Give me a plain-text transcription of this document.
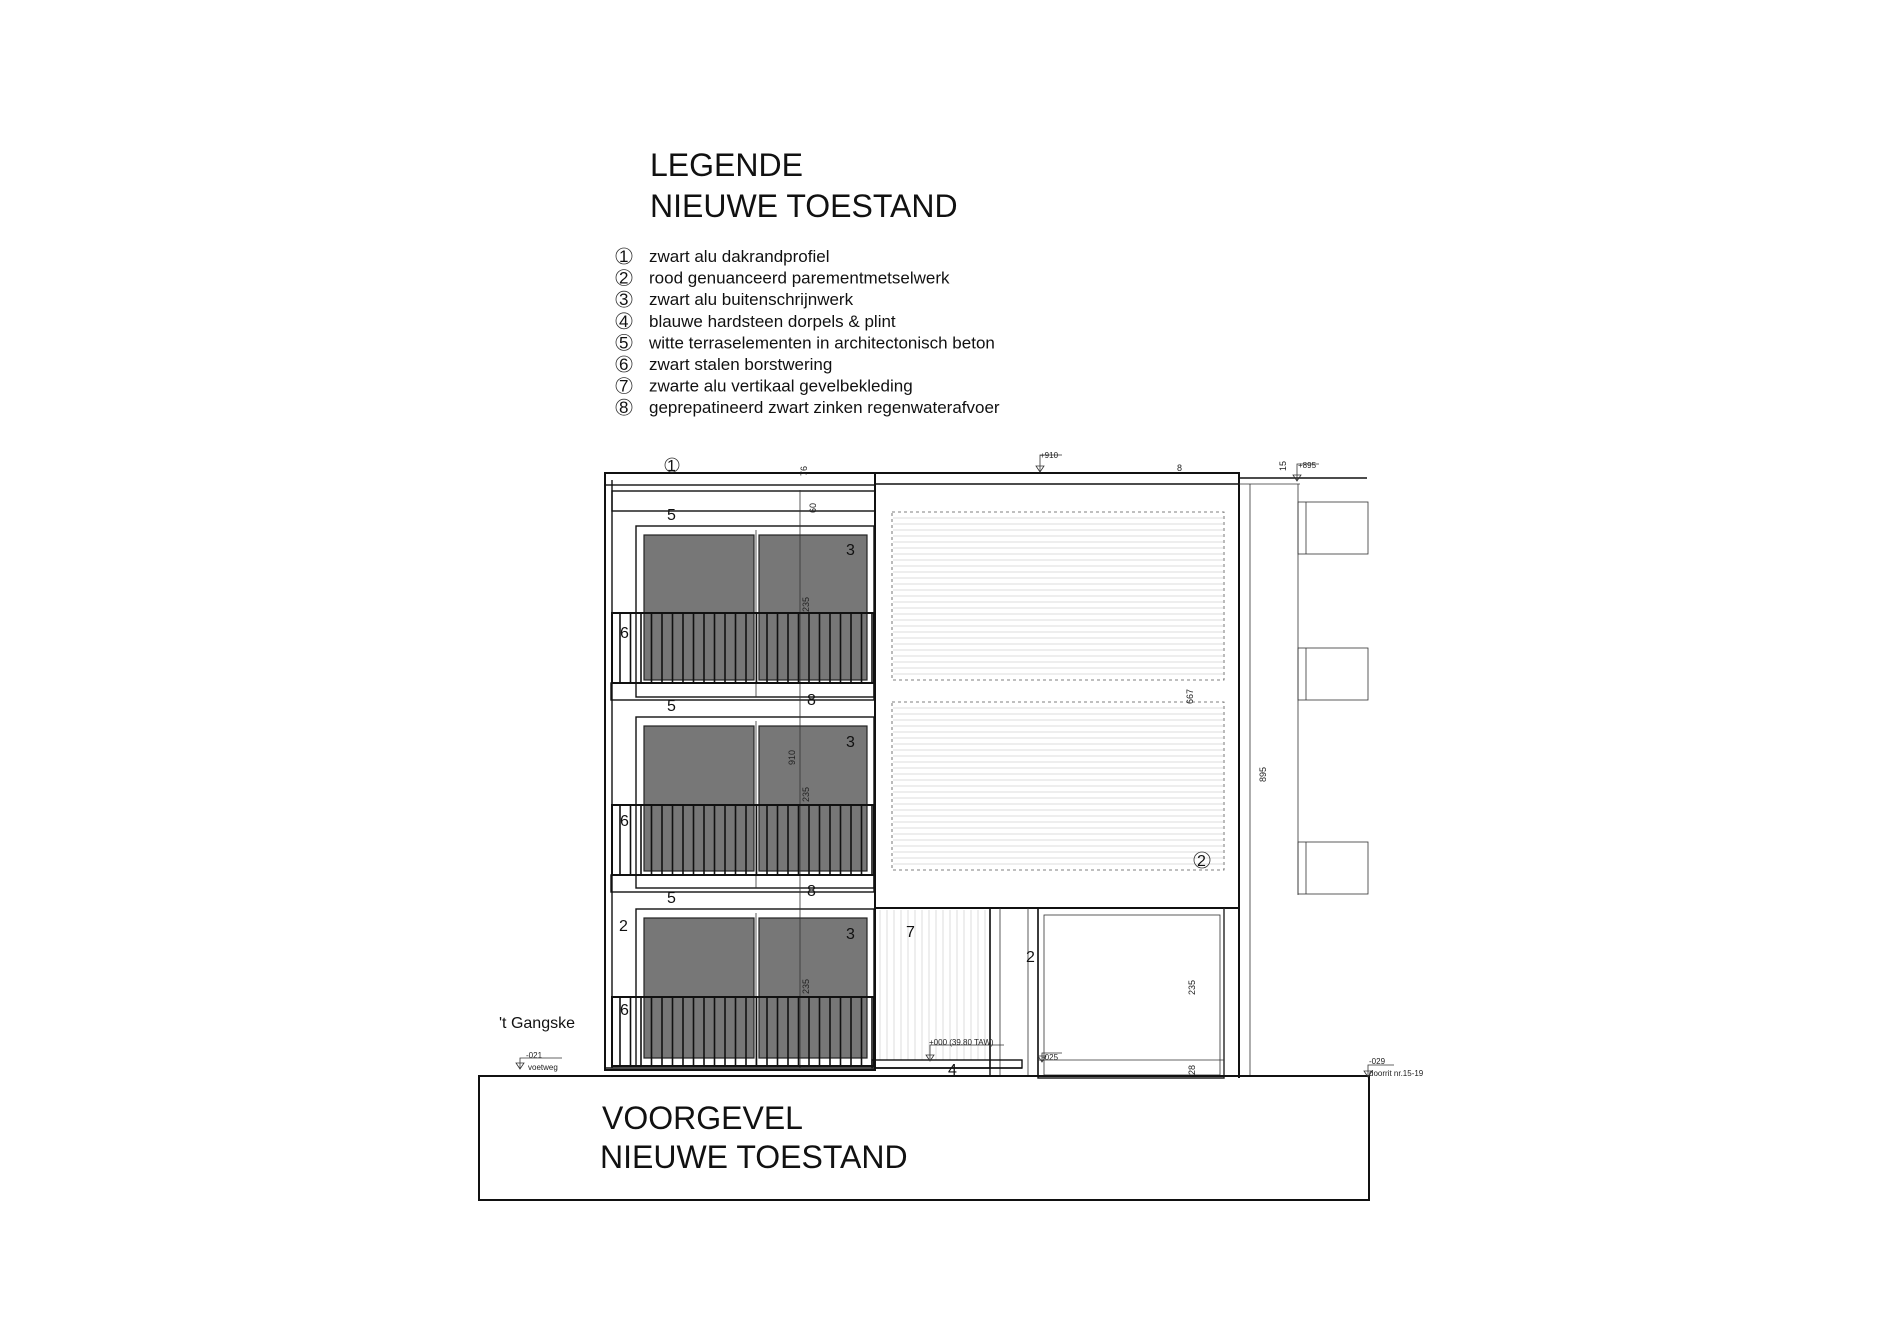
LEGENDE
NIEUWE TOESTAND
1 zwart alu dakrandprofiel
2 rood genuanceerd parementmetselwerk
3 zwart alu buitenschrijnwerk
4 blauwe hardsteen dorpels & plint
5 witte terraselementen in architectonisch beton
6 zwart stalen borstwering
7 zwarte alu vertikaal gevelbekleding
8 geprepatineerd zwart zinken regenwaterafvoer
VOORGEVEL
NIEUWE TOESTAND
't Gangske
1
5
3
6
5	8
3
6
8
5
2	3	7
2
6
2
4
76
60
235
910
235
235
667
895
15
8
235
28
+910
+895
+000 (39.80 TAW)
-021
voetweg
-025	-029
doorrit nr.15-19
